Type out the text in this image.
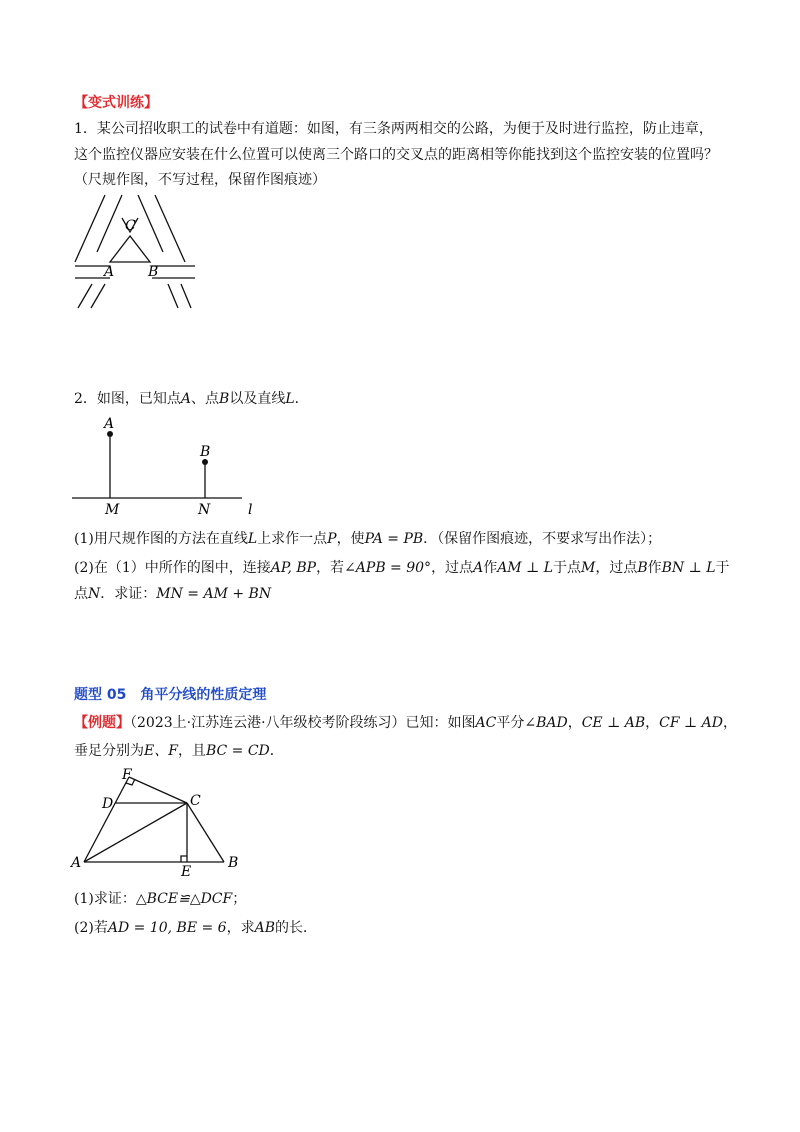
【变式训练】
1．某公司招收职工的试卷中有道题：如图，有三条两两相交的公路，为便于及时进行监控，防止违章，
这个监控仪器应安装在什么位置可以使离三个路口的交叉点的距离相等你能找到这个监控安装的位置吗？
（尺规作图，不写过程，保留作图痕迹）
C
A B
2．如图，已知点A、点B以及直线L．
A
B
M	N	l
(1)用尺规作图的方法在直线L上求作一点P，使PA = PB．（保留作图痕迹，不要求写出作法）；
(2)在（1）中所作的图中，连接AP, BP，若∠APB = 90°，过点A作AM ⊥ L于点M，过点B作BN ⊥ L于
点N．求证：MN = AM + BN
题型 05 角平分线的性质定理
【例题】（2023上·江苏连云港·八年级校考阶段练习）已知：如图AC平分∠BAD，CE ⊥ AB，CF ⊥ AD，
垂足分别为E、F，且BC = CD．
F
D	C
A
E
B
(1)求证：△BCE≌△DCF；
(2)若AD = 10, BE = 6，求AB的长．
